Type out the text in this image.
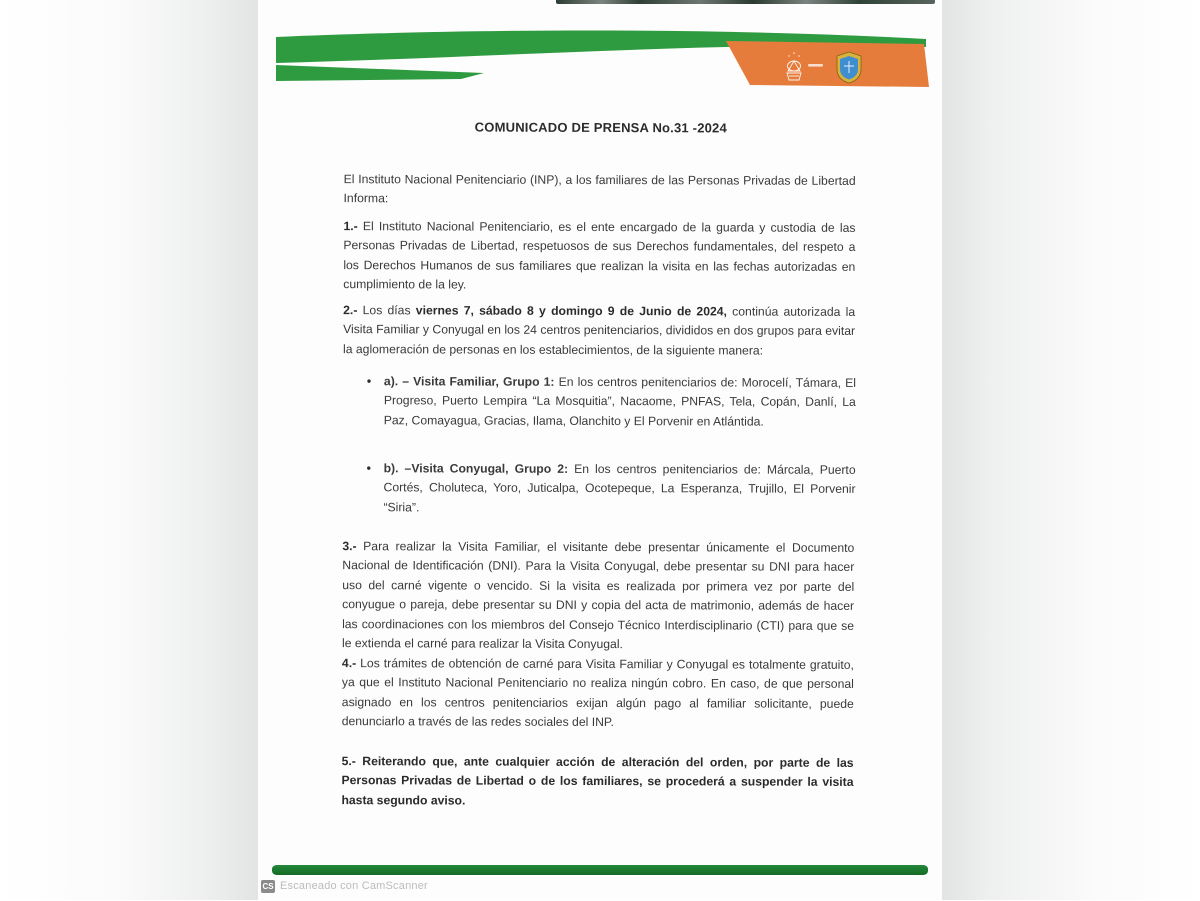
COMUNICADO DE PRENSA No.31 -2024

El Instituto Nacional Penitenciario (INP), a los familiares de las Personas Privadas de Libertad Informa:

1.- El Instituto Nacional Penitenciario, es el ente encargado de la guarda y custodia de las Personas Privadas de Libertad, respetuosos de sus Derechos fundamentales, del respeto a los Derechos Humanos de sus familiares que realizan la visita en las fechas autorizadas en cumplimiento de la ley.

2.- Los días viernes 7, sábado 8 y domingo 9 de Junio de 2024, continúa autorizada la Visita Familiar y Conyugal en los 24 centros penitenciarios, divididos en dos grupos para evitar la aglomeración de personas en los establecimientos, de la siguiente manera:

• a). – Visita Familiar, Grupo 1: En los centros penitenciarios de: Morocelí, Támara, El Progreso, Puerto Lempira “La Mosquitia”, Nacaome, PNFAS, Tela, Copán, Danlí, La Paz, Comayagua, Gracias, Ilama, Olanchito y El Porvenir en Atlántida.
• b). –Visita Conyugal, Grupo 2: En los centros penitenciarios de: Márcala, Puerto Cortés, Choluteca, Yoro, Juticalpa, Ocotepeque, La Esperanza, Trujillo, El Porvenir “Siria”.

3.- Para realizar la Visita Familiar, el visitante debe presentar únicamente el Documento Nacional de Identificación (DNI). Para la Visita Conyugal, debe presentar su DNI para hacer uso del carné vigente o vencido. Si la visita es realizada por primera vez por parte del conyugue o pareja, debe presentar su DNI y copia del acta de matrimonio, además de hacer las coordinaciones con los miembros del Consejo Técnico Interdisciplinario (CTI) para que se le extienda el carné para realizar la Visita Conyugal.

4.- Los trámites de obtención de carné para Visita Familiar y Conyugal es totalmente gratuito, ya que el Instituto Nacional Penitenciario no realiza ningún cobro. En caso, de que personal asignado en los centros penitenciarios exijan algún pago al familiar solicitante, puede denunciarlo a través de las redes sociales del INP.

5.- Reiterando que, ante cualquier acción de alteración del orden, por parte de las Personas Privadas de Libertad o de los familiares, se procederá a suspender la visita hasta segundo aviso.

CS Escaneado con CamScanner
